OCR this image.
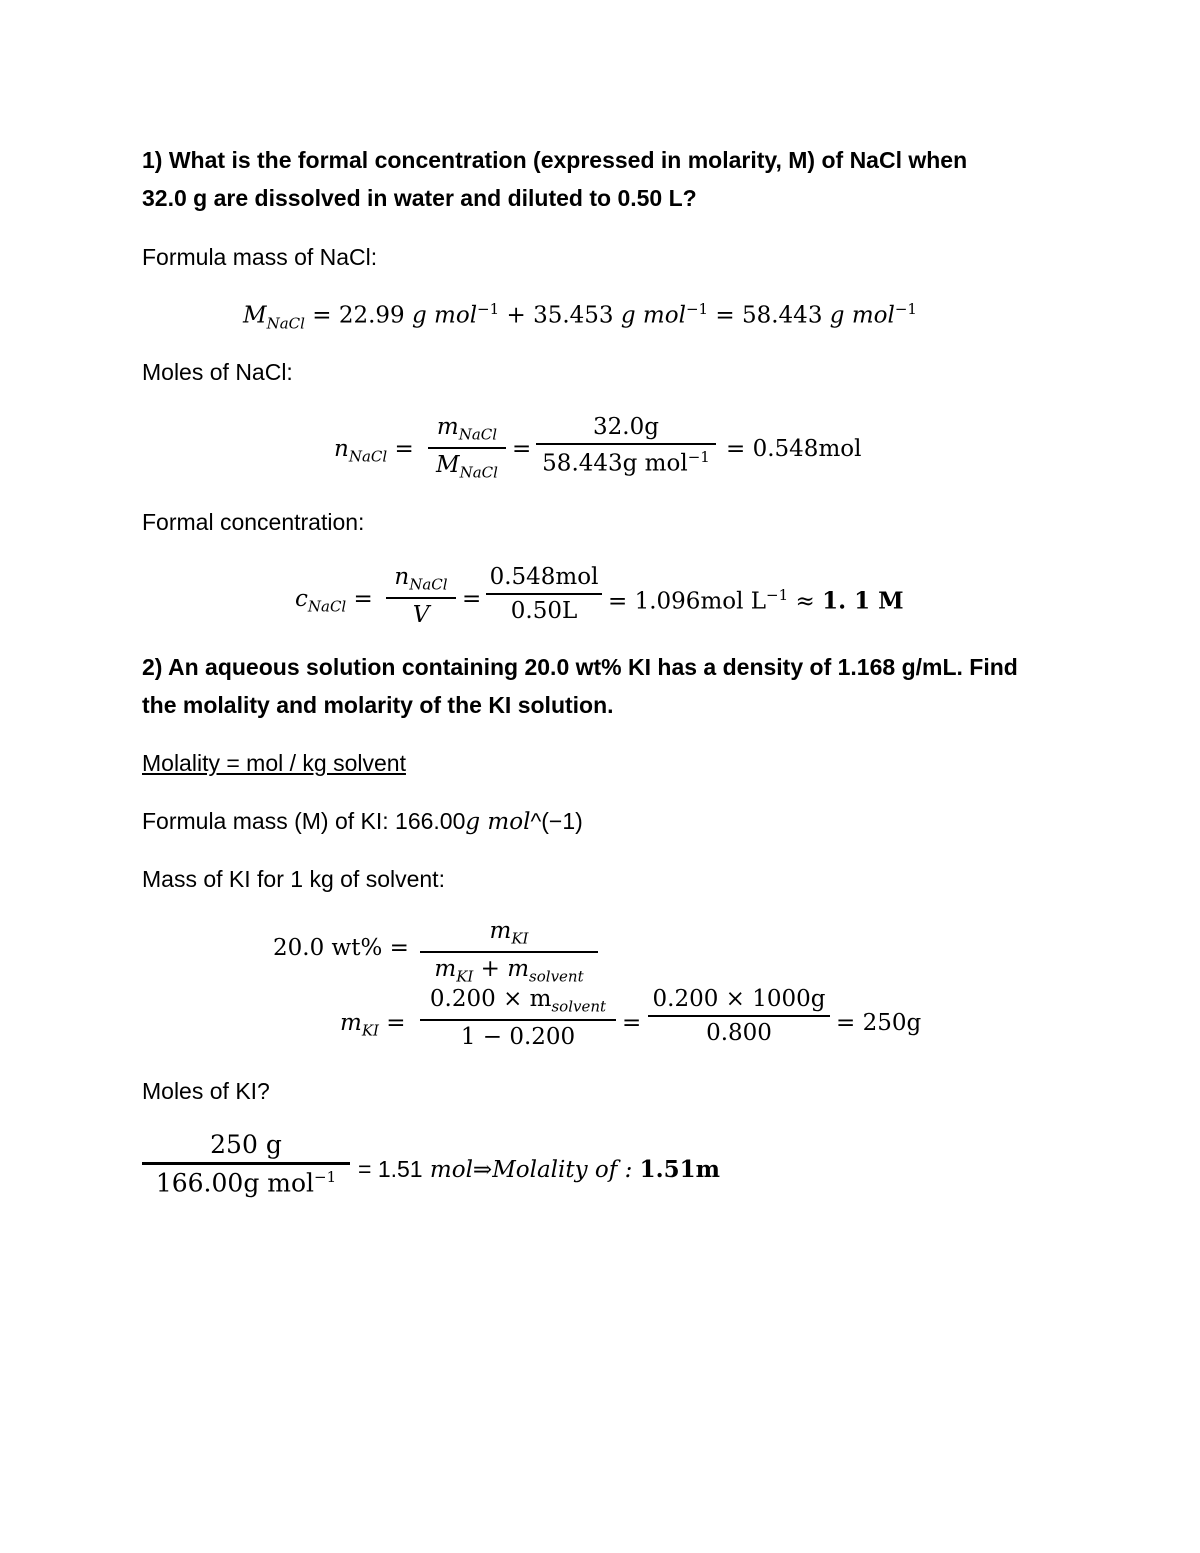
1) What is the formal concentration (expressed in molarity, M) of NaCl when
32.0 g are dissolved in water and diluted to 0.50 L?
Formula mass of NaCl:
$M_{NaCl} = 22.99$ g mol$^{-1}$ + 35.453 g mol$^{-1}$ = 58.443 g mol$^{-1}$
Moles of NaCl:
$n_{NaCl}$ =
$m_{NaCl}$
$M_{NaCl}$
=
32.0g
58.443g mol$^{-1}$ = 0.548mol
Formal concentration:
$c_{NaCl}$ =
$n_{NaCl}$
V
=
0.548mol
0.50L	= 1.096mol $L^{-1} \approx 1$. 1 M
2) An aqueous solution containing 20.0 wt% KI has a density of 1.168 g/mL. Find
the molality and molarity of the KI solution.
Molality = mol / kg solvent
Formula mass (M) of KI: 166.00g mol^(−1)
Mass of KI for 1 kg of solvent:
20.0 wt% =
$m_{KI}$
$m_{KI} + m_{solvent}$
$m_{KI}$ =
$0.200 \times m_{solvent}$
1 − 0.200
=
0.200 × 1000g
0.800	= 250g
Moles of KI?
250 g
166.00g mol$^{-1}$ = 1.51 mol⇒Molality of : 1.51m
